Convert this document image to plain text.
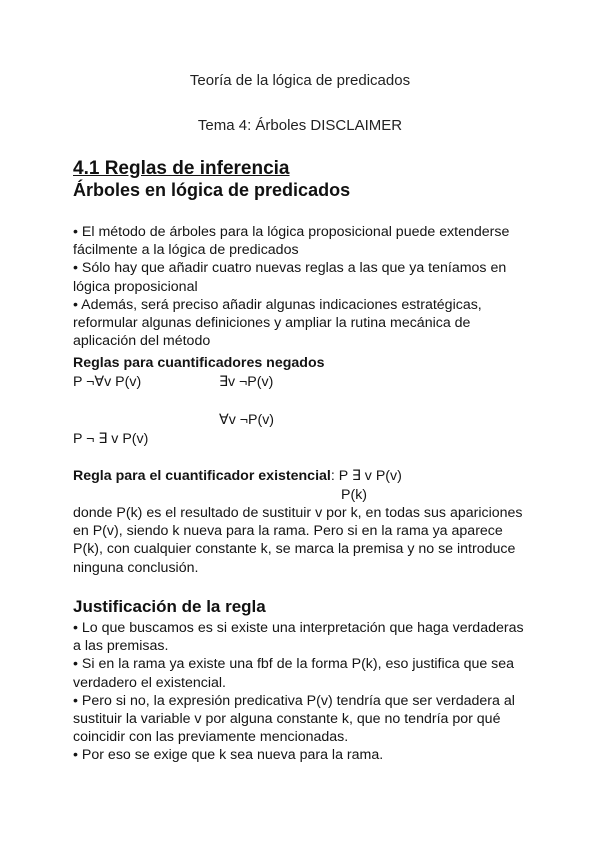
Teoría de la lógica de predicados
Tema 4: Árboles DISCLAIMER
4.1 Reglas de inferencia
Árboles en lógica de predicados
• El método de árboles para la lógica proposicional puede extenderse
fácilmente a la lógica de predicados
• Sólo hay que añadir cuatro nuevas reglas a las que ya teníamos en
lógica proposicional
• Además, será preciso añadir algunas indicaciones estratégicas,
reformular algunas definiciones y ampliar la rutina mecánica de
aplicación del método
Reglas para cuantificadores negados
P ¬∀v P(v)	∃v ¬P(v)
∀v ¬P(v)
P ¬ ∃ v P(v)
Regla para el cuantificador existencial: P ∃ v P(v)
P(k)
donde P(k) es el resultado de sustituir v por k, en todas sus apariciones
en P(v), siendo k nueva para la rama. Pero si en la rama ya aparece
P(k), con cualquier constante k, se marca la premisa y no se introduce
ninguna conclusión.
Justificación de la regla
• Lo que buscamos es si existe una interpretación que haga verdaderas
a las premisas.
• Si en la rama ya existe una fbf de la forma P(k), eso justifica que sea
verdadero el existencial.
• Pero si no, la expresión predicativa P(v) tendría que ser verdadera al
sustituir la variable v por alguna constante k, que no tendría por qué
coincidir con las previamente mencionadas.
• Por eso se exige que k sea nueva para la rama.
